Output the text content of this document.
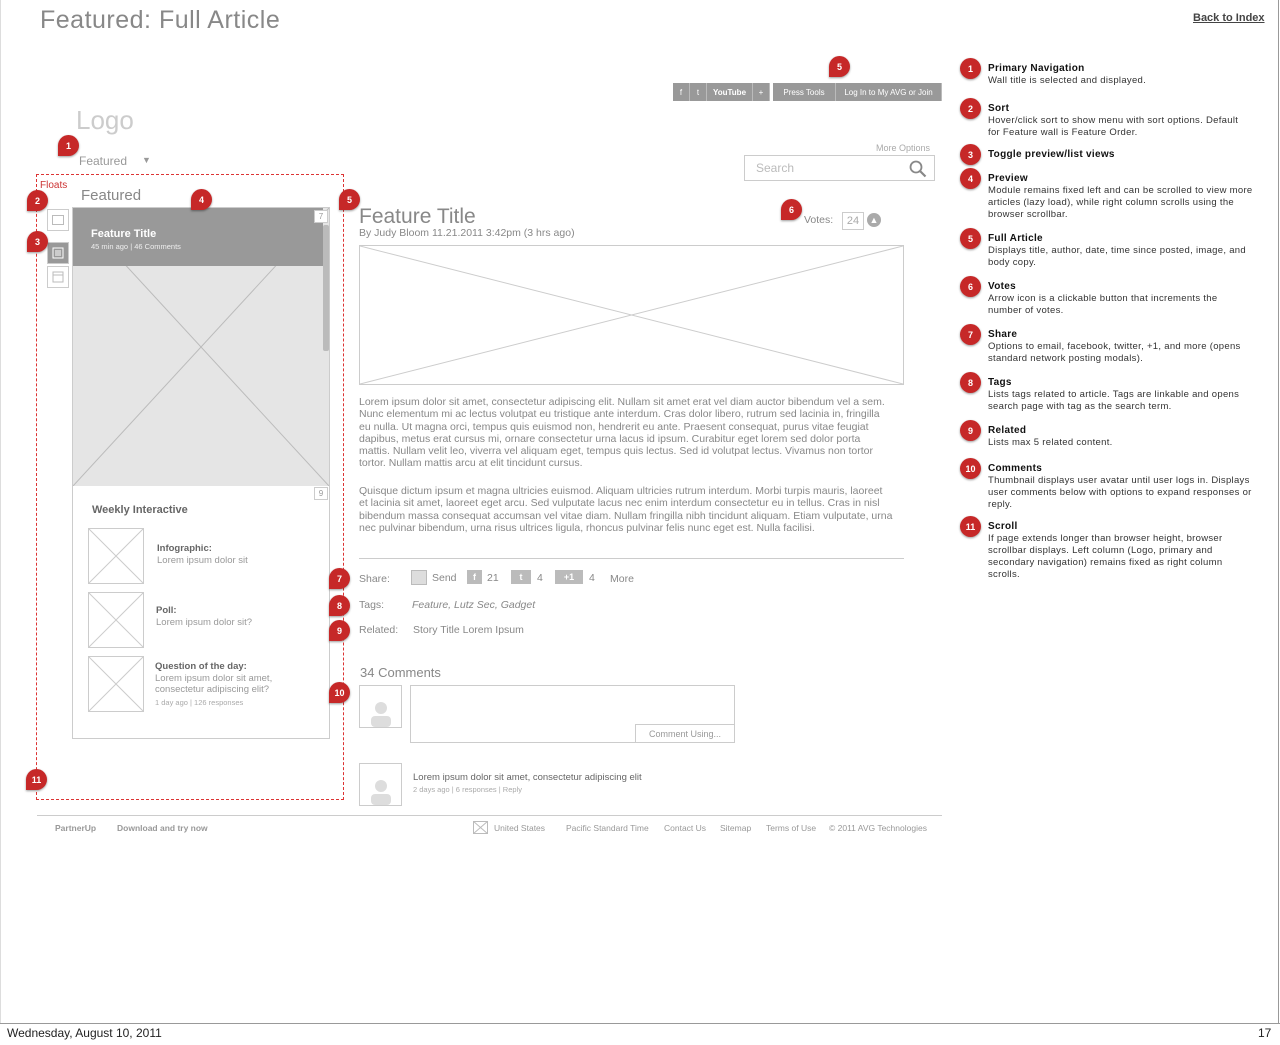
Featured: Full Article	Back to Index
f	t	YouTube	+	Press Tools	Log In to My AVG or Join
Logo
Featured ▼
More Options
Search
Floats
Featured
Feature Title
45 min ago | 46 Comments
7
9
Weekly Interactive
Infographic:
Lorem ipsum dolor sit
Poll:
Lorem ipsum dolor sit?
Question of the day:
Lorem ipsum dolor sit amet, consectetur adipiscing elit?
1 day ago | 126 responses
Feature Title
By Judy Bloom 11.21.2011 3:42pm (3 hrs ago)
Votes:	24	▲
Lorem ipsum dolor sit amet, consectetur adipiscing elit. Nullam sit amet erat vel diam auctor bibendum vel a sem. Nunc elementum mi ac lectus volutpat eu tristique ante interdum. Cras dolor libero, rutrum sed lacinia in, fringilla eu nulla. Ut magna orci, tempus quis euismod non, hendrerit eu ante. Praesent consequat, purus vitae feugiat dapibus, metus erat cursus mi, ornare consectetur urna lacus id ipsum. Curabitur eget lorem sed dolor porta mattis. Nullam velit leo, viverra vel aliquam eget, tempus quis lectus. Sed id volutpat lectus. Vivamus non tortor tortor. Nullam mattis arcu at elit tincidunt cursus.
Quisque dictum ipsum et magna ultricies euismod. Aliquam ultricies rutrum interdum. Morbi turpis mauris, laoreet et lacinia sit amet, laoreet eget arcu. Sed vulputate lacus nec enim interdum consectetur eu in tellus. Cras in nisl bibendum massa consequat accumsan vel vitae diam. Nullam fringilla nibh tincidunt aliquam. Etiam vulputate, urna nec pulvinar bibendum, urna risus ultrices ligula, rhoncus pulvinar felis nunc eget est. Nulla facilisi.
Share:	Send	f	21	t	4	+1	4 More
Tags:	Feature, Lutz Sec, Gadget
Related: Story Title Lorem Ipsum
34 Comments
Comment Using...
Lorem ipsum dolor sit amet, consectetur adipiscing elit
2 days ago | 6 responses | Reply
PartnerUp Download and try now	United States Pacific Standard Time Contact Us Sitemap Terms of Use © 2011 AVG Technologies
1
2
3
4
5
5
6
7
8
9
10
11
1	Primary Navigation
Wall title is selected and displayed.
2	Sort
Hover/click sort to show menu with sort options. Default for Feature wall is Feature Order.
3	Toggle preview/list views
4	Preview
Module remains fixed left and can be scrolled to view more articles (lazy load), while right column scrolls using the browser scrollbar.
5	Full Article
Displays title, author, date, time since posted, image, and body copy.
6	Votes
Arrow icon is a clickable button that increments the number of votes.
7	Share
Options to email, facebook, twitter, +1, and more (opens standard network posting modals).
8	Tags
Lists tags related to article. Tags are linkable and opens search page with tag as the search term.
9	Related
Lists max 5 related content.
10	Comments
Thumbnail displays user avatar until user logs in. Displays user comments below with options to expand responses or reply.
11	Scroll
If page extends longer than browser height, browser scrollbar displays. Left column (Logo, primary and secondary navigation) remains fixed as right column scrolls.
Wednesday, August 10, 2011	17
